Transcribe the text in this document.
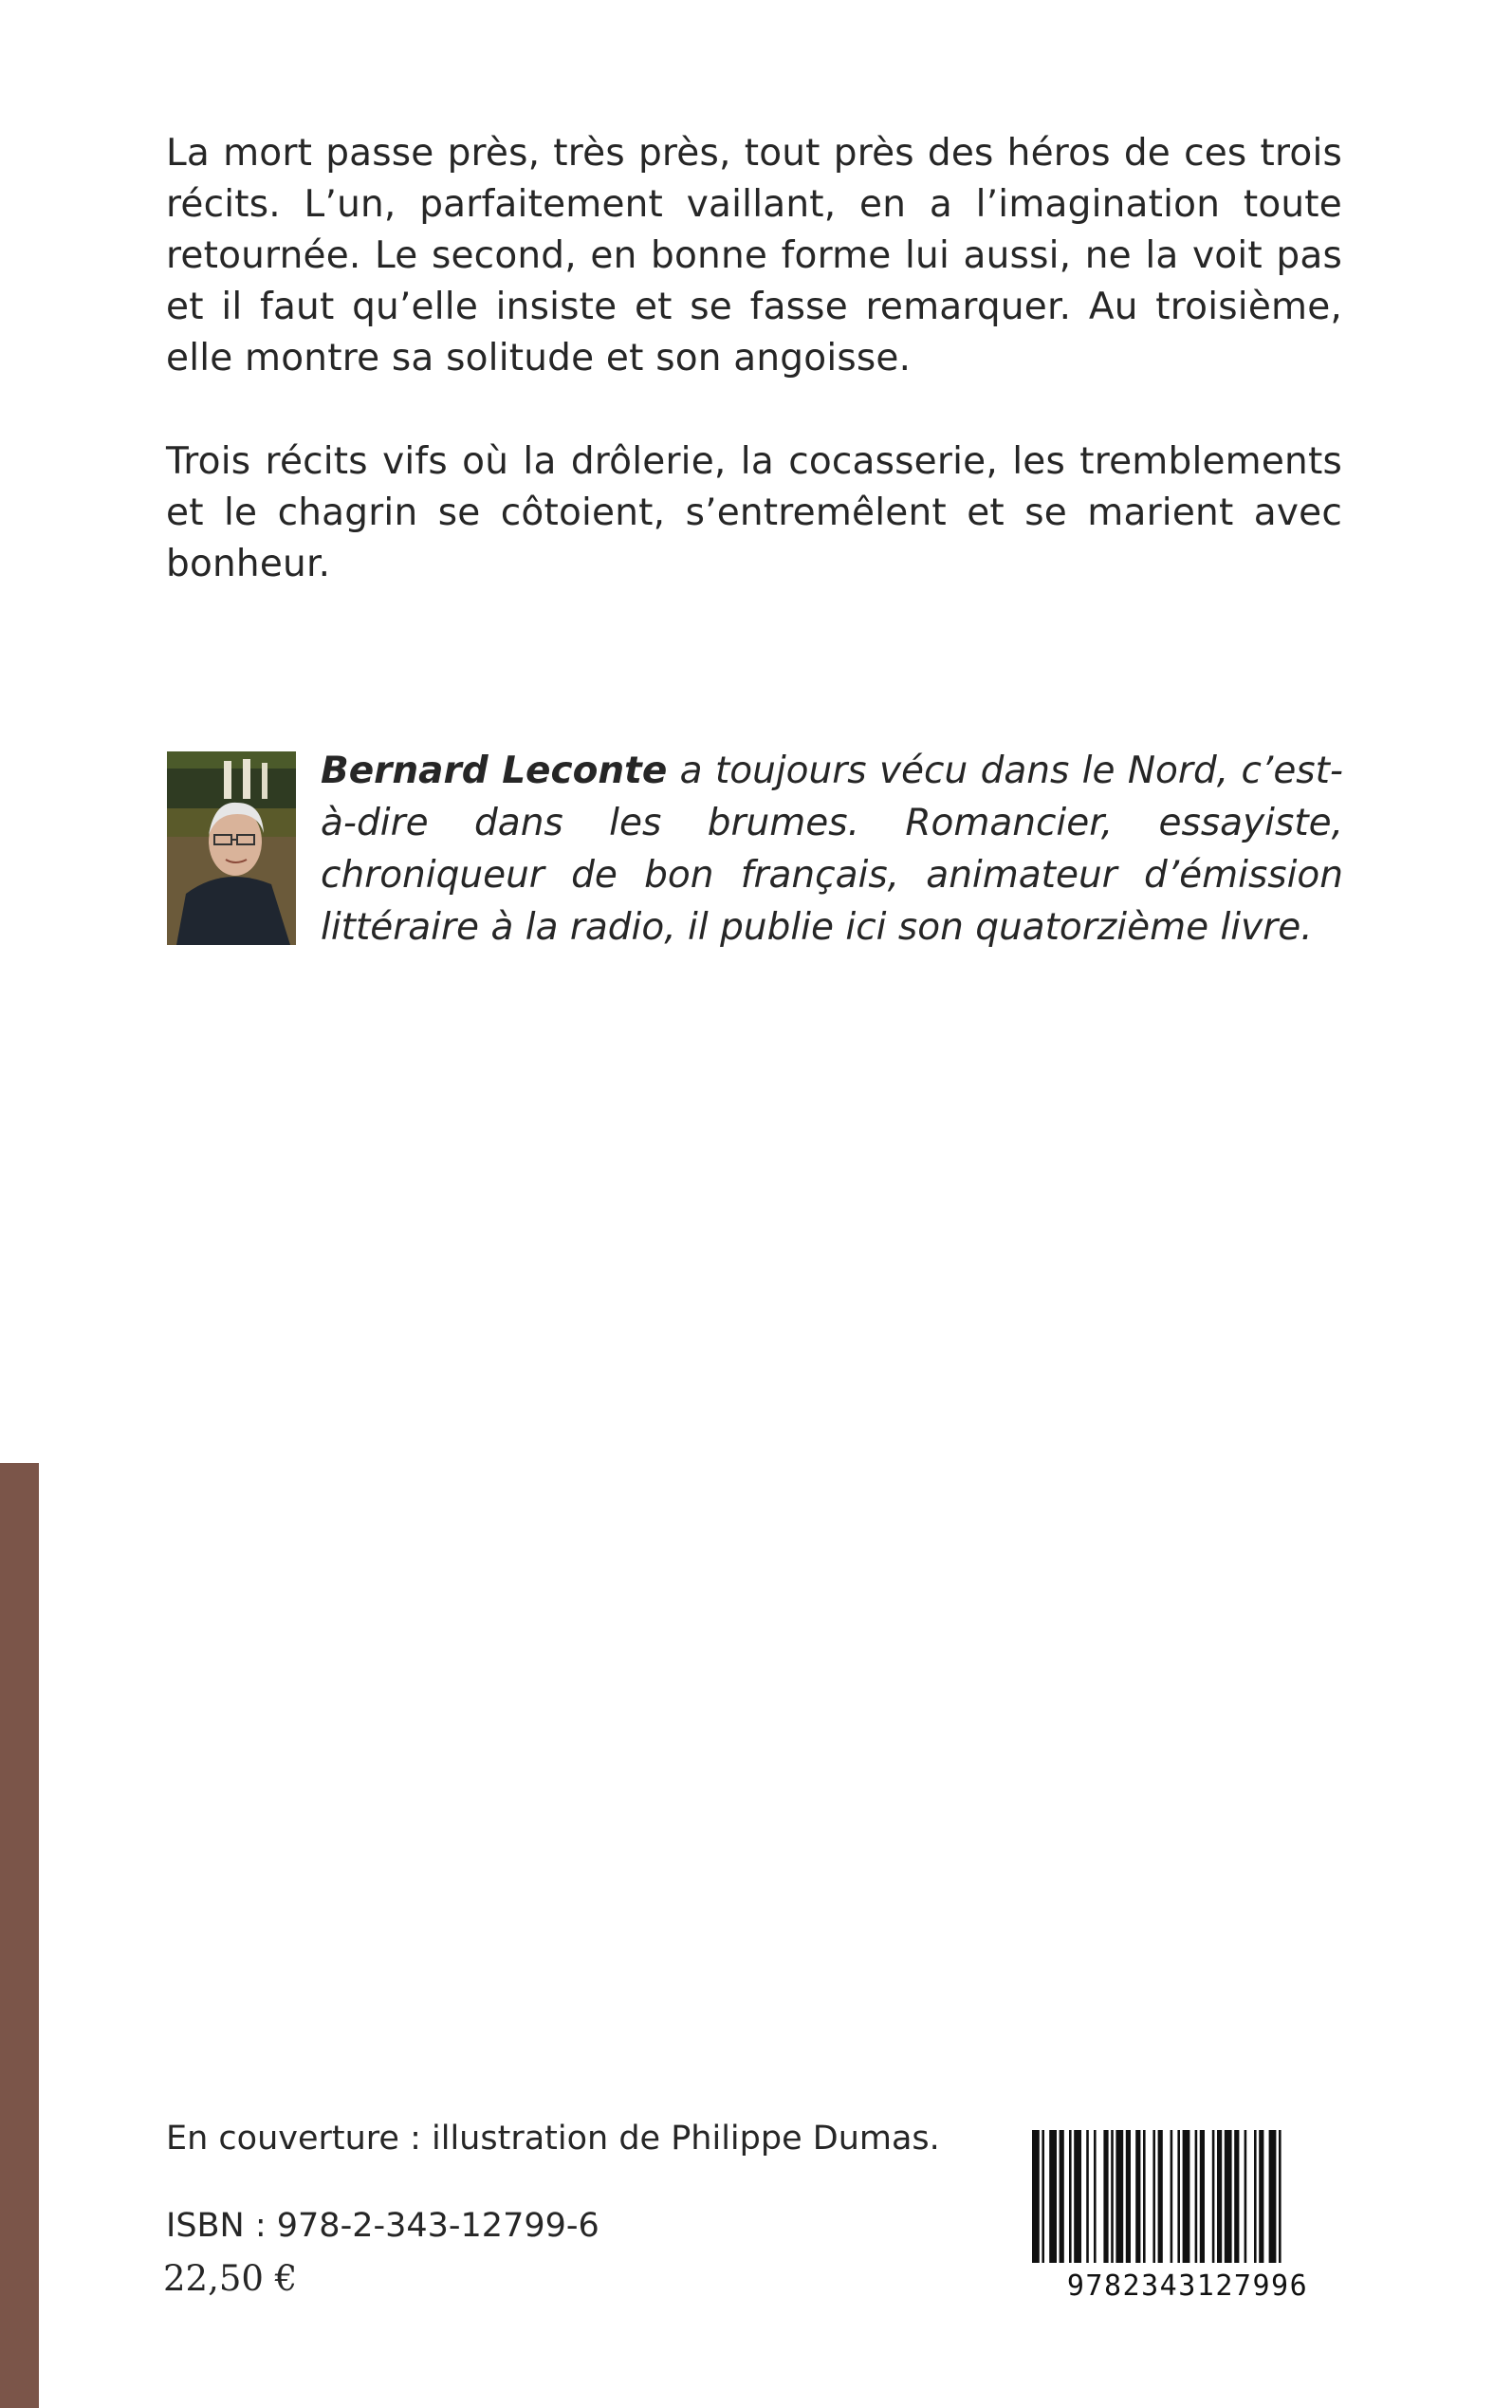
La mort passe près, très près, tout près des héros de ces trois récits. L’un, parfaitement vaillant, en a l’imagination toute retournée. Le second, en bonne forme lui aussi, ne la voit pas et il faut qu’elle insiste et se fasse remarquer. Au troisième, elle montre sa solitude et son angoisse.

Trois récits vifs où la drôlerie, la cocasserie, les tremblements et le chagrin se côtoient, s’entremêlent et se marient avec bonheur.

Bernard Leconte a toujours vécu dans le Nord, c’est-à-dire dans les brumes. Romancier, essayiste, chroniqueur de bon français, animateur d’émission littéraire à la radio, il publie ici son quatorzième livre.

En couverture : illustration de Philippe Dumas.

ISBN : 978-2-343-12799-6

22,50 €	9782343127996
